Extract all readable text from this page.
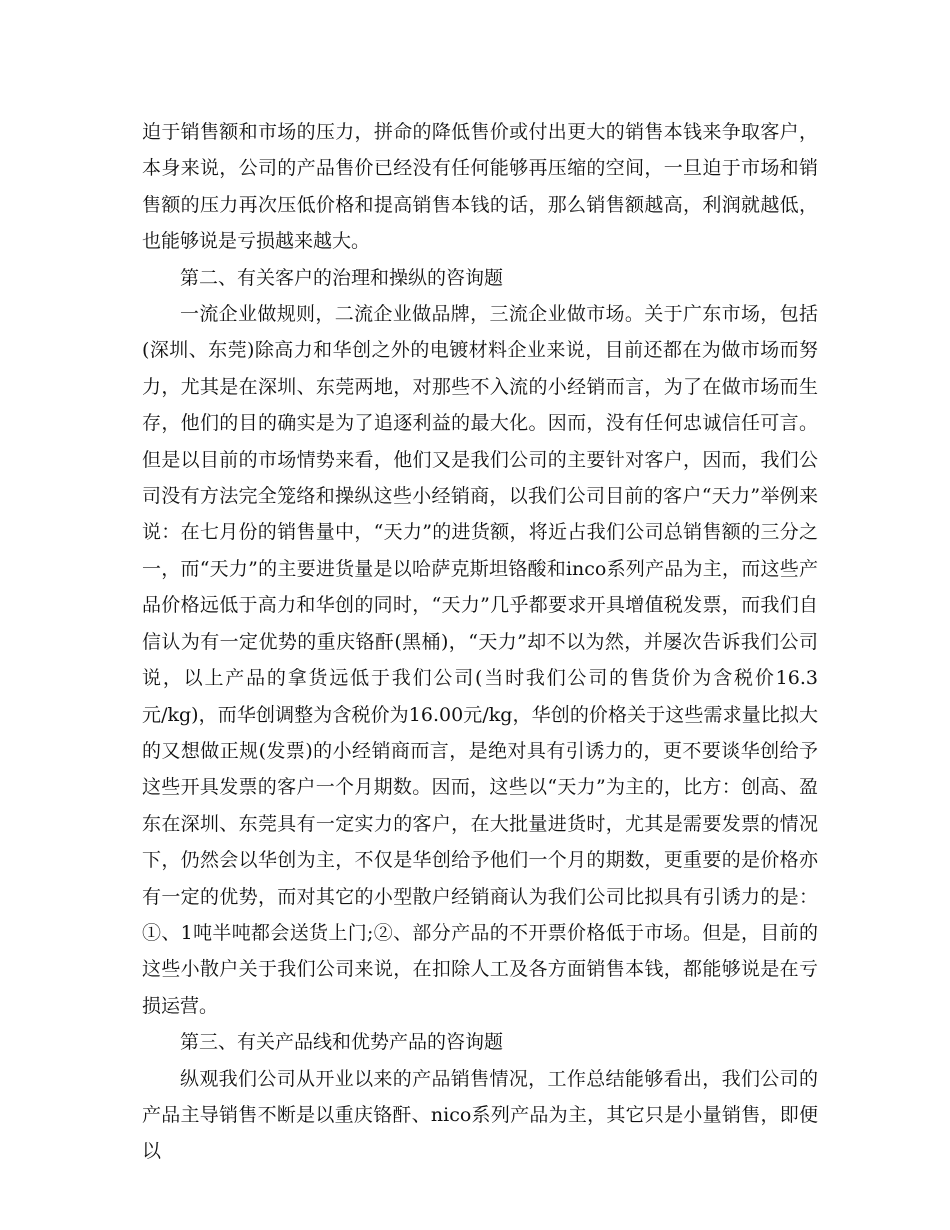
迫于销售额和市场的压力，拼命的降低售价或付出更大的销售本钱来争取客户，本身来说，公司的产品售价已经没有任何能够再压缩的空间，一旦迫于市场和销售额的压力再次压低价格和提高销售本钱的话，那么销售额越高，利润就越低，也能够说是亏损越来越大。

第二、有关客户的治理和操纵的咨询题

一流企业做规则，二流企业做品牌，三流企业做市场。关于广东市场，包括(深圳、东莞)除高力和华创之外的电镀材料企业来说，目前还都在为做市场而努力，尤其是在深圳、东莞两地，对那些不入流的小经销而言，为了在做市场而生存，他们的目的确实是为了追逐利益的最大化。因而，没有任何忠诚信任可言。但是以目前的市场情势来看，他们又是我们公司的主要针对客户，因而，我们公司没有方法完全笼络和操纵这些小经销商，以我们公司目前的客户“天力”举例来说：在七月份的销售量中，“天力”的进货额，将近占我们公司总销售额的三分之一，而“天力”的主要进货量是以哈萨克斯坦铬酸和inco系列产品为主，而这些产品价格远低于高力和华创的同时，“天力”几乎都要求开具增值税发票，而我们自信认为有一定优势的重庆铬酐(黑桶)，“天力”却不以为然，并屡次告诉我们公司说，以上产品的拿货远低于我们公司(当时我们公司的售货价为含税价16.3元/kg)，而华创调整为含税价为16.00元/kg，华创的价格关于这些需求量比拟大的又想做正规(发票)的小经销商而言，是绝对具有引诱力的，更不要谈华创给予这些开具发票的客户一个月期数。因而，这些以“天力”为主的，比方：创高、盈东在深圳、东莞具有一定实力的客户，在大批量进货时，尤其是需要发票的情况下，仍然会以华创为主，不仅是华创给予他们一个月的期数，更重要的是价格亦有一定的优势，而对其它的小型散户经销商认为我们公司比拟具有引诱力的是：①、1吨半吨都会送货上门;②、部分产品的不开票价格低于市场。但是，目前的这些小散户关于我们公司来说，在扣除人工及各方面销售本钱，都能够说是在亏损运营。

第三、有关产品线和优势产品的咨询题

纵观我们公司从开业以来的产品销售情况，工作总结能够看出，我们公司的产品主导销售不断是以重庆铬酐、nico系列产品为主，其它只是小量销售，即便以
